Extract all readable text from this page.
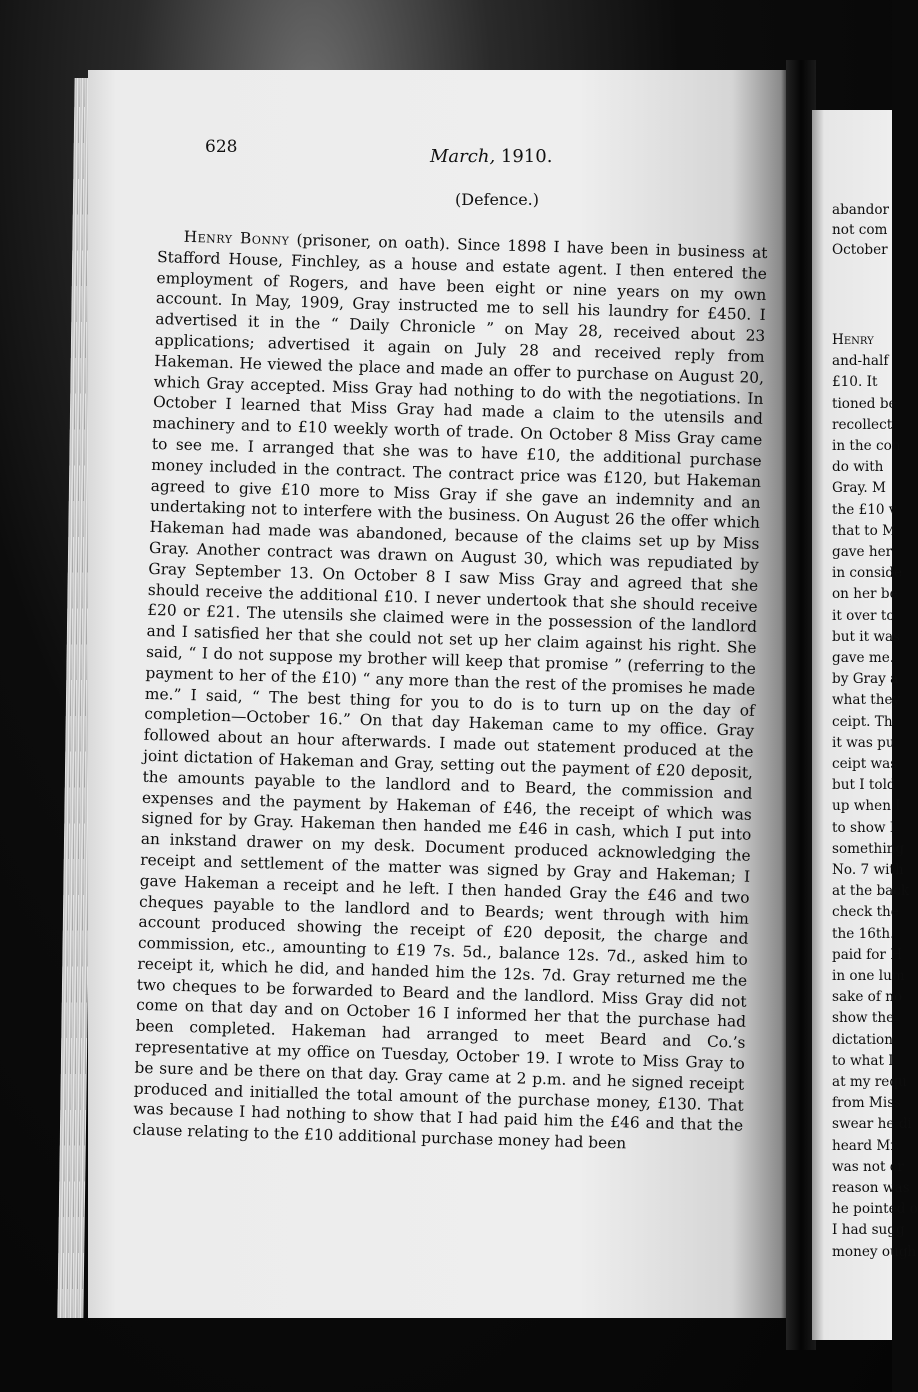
628	March, 1910.
(Defence.)

Henry Bonny (prisoner, on oath). Since 1898 I have been in business at Stafford House, Finchley, as a house and estate agent. I then entered the employment of Rogers, and have been eight or nine years on my own account. In May, 1909, Gray instructed me to sell his laundry for £450. I advertised it in the “ Daily Chronicle ” on May 28, received about 23 applications; advertised it again on July 28 and received reply from Hakeman. He viewed the place and made an offer to purchase on August 20, which Gray accepted. Miss Gray had nothing to do with the negotiations. In October I learned that Miss Gray had made a claim to the utensils and machinery and to £10 weekly worth of trade. On October 8 Miss Gray came to see me. I arranged that she was to have £10, the additional purchase money included in the contract. The contract price was £120, but Hakeman agreed to give £10 more to Miss Gray if she gave an indemnity and an undertaking not to interfere with the business. On August 26 the offer which Hakeman had made was abandoned, because of the claims set up by Miss Gray. Another contract was drawn on August 30, which was repudiated by Gray September 13. On October 8 I saw Miss Gray and agreed that she should receive the additional £10. I never undertook that she should receive £20 or £21. The utensils she claimed were in the possession of the landlord and I satisfied her that she could not set up her claim against his right. She said, “ I do not suppose my brother will keep that promise ” (referring to the payment to her of the £10) “ any more than the rest of the promises he made me.” I said, “ The best thing for you to do is to turn up on the day of completion—October 16.” On that day Hakeman came to my office. Gray followed about an hour afterwards. I made out statement produced at the joint dictation of Hakeman and Gray, setting out the payment of £20 deposit, the amounts payable to the landlord and to Beard, the commission and expenses and the payment by Hakeman of £46, the receipt of which was signed for by Gray. Hakeman then handed me £46 in cash, which I put into an inkstand drawer on my desk. Document produced acknowledging the receipt and settlement of the matter was signed by Gray and Hakeman; I gave Hakeman a receipt and he left. I then handed Gray the £46 and two cheques payable to the landlord and to Beards; went through with him account produced showing the receipt of £20 deposit, the charge and commission, etc., amounting to £19 7s. 5d., balance 12s. 7d., asked him to receipt it, which he did, and handed him the 12s. 7d. Gray returned me the two cheques to be forwarded to Beard and the landlord. Miss Gray did not come on that day and on October 16 I informed her that the purchase had been completed. Hakeman had arranged to meet Beard and Co.’s representative at my office on Tuesday, October 19. I wrote to Miss Gray to be sure and be there on that day. Gray came at 2 p.m. and he signed receipt produced and initialled the total amount of the purchase money, £130. That was because I had nothing to show that I had paid him the £46 and that the clause relating to the £10 additional purchase money had been

abandor
not com
October
Henry
and-half
£10. It
tioned be
recollect
in the con
do with
Gray. M
the £10 v
that to M
gave her
in conside
on her be
it over to
but it was
gave me.
by Gray a
what they
ceipt. Th
it was pu
ceipt was
but I told
up when I
to show I
something
No. 7 with
at the back
check the
the 16th.
paid for H
in one lum
sake of no
show the
dictation.
to what I
at my requ
from Miss
swear he di
heard Mr.
was not cr
reason was
he pointed o
I had sugg
money ough
